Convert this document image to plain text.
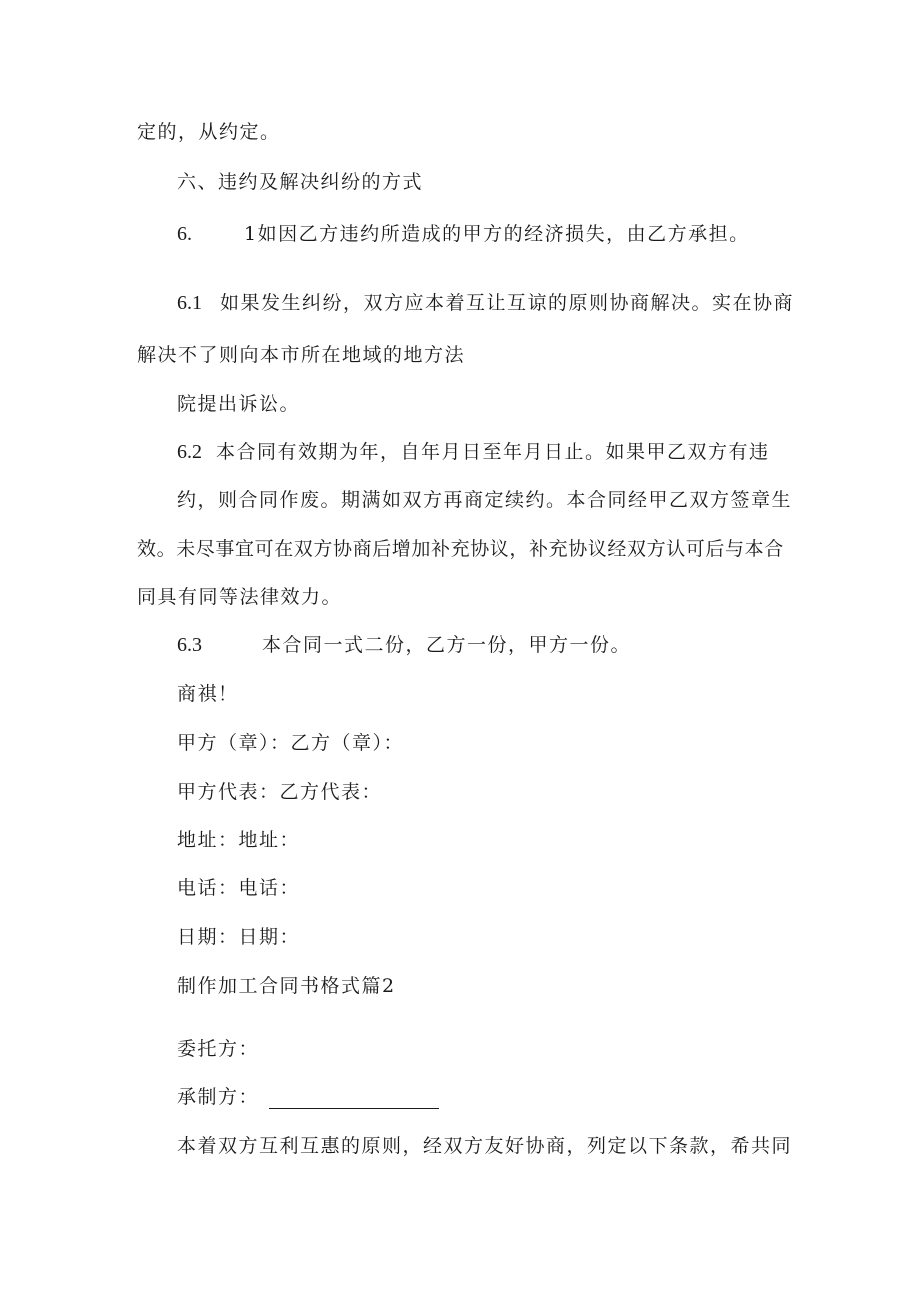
定的，从约定。
六、违约及解决纠纷的方式
6.	1如因乙方违约所造成的甲方的经济损失，由乙方承担。
6.1 如果发生纠纷，双方应本着互让互谅的原则协商解决。实在协商
解决不了则向本市所在地域的地方法
院提出诉讼。
6.2 本合同有效期为年，自年月日至年月日止。如果甲乙双方有违
约，则合同作废。期满如双方再商定续约。本合同经甲乙双方签章生
效。未尽事宜可在双方协商后增加补充协议，补充协议经双方认可后与本合
同具有同等法律效力。
6.3	本合同一式二份，乙方一份，甲方一份。
商祺！
甲方（章）：乙方（章）：
甲方代表：乙方代表：
地址：地址：
电话：电话：
日期：日期：
制作加工合同书格式篇2
委托方：
承制方：
本着双方互利互惠的原则，经双方友好协商，列定以下条款，希共同
